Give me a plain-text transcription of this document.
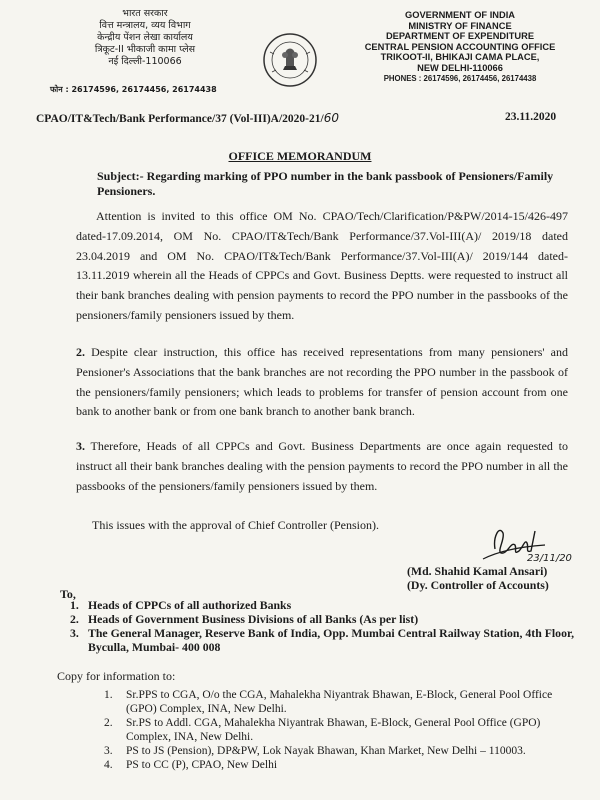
भारत सरकार
वित्त मन्त्रालय, व्यय विभाग
केन्द्रीय पेंशन लेखा कार्यालय
त्रिकूट-II भीकाजी कामा प्लेस
नई दिल्ली-110066
फोन : 26174596, 26174456, 26174438
GOVERNMENT OF INDIA
MINISTRY OF FINANCE
DEPARTMENT OF EXPENDITURE
CENTRAL PENSION ACCOUNTING OFFICE
TRIKOOT-II, BHIKAJI CAMA PLACE,
NEW DELHI-110066
PHONES : 26174596, 26174456, 26174438
CPAO/IT&Tech/Bank Performance/37 (Vol-III)A/2020-21/60	23.11.2020
OFFICE MEMORANDUM
Subject:- Regarding marking of PPO number in the bank passbook of Pensioners/Family Pensioners.

Attention is invited to this office OM No. CPAO/Tech/Clarification/P&PW/2014-15/426-497 dated-17.09.2014, OM No. CPAO/IT&Tech/Bank Performance/37.Vol-III(A)/ 2019/18 dated 23.04.2019 and OM No. CPAO/IT&Tech/Bank Performance/37.Vol-III(A)/ 2019/144 dated-13.11.2019 wherein all the Heads of CPPCs and Govt. Business Deptts. were requested to instruct all their bank branches dealing with pension payments to record the PPO number in the passbooks of the pensioners/family pensioners issued by them.

2. Despite clear instruction, this office has received representations from many pensioners' and Pensioner's Associations that the bank branches are not recording the PPO number in the passbook of the pensioners/family pensioners; which leads to problems for transfer of pension account from one bank to another bank or from one bank branch to another bank branch.

3. Therefore, Heads of all CPPCs and Govt. Business Departments are once again requested to instruct all their bank branches dealing with the pension payments to record the PPO number in all the passbooks of the pensioners/family pensioners issued by them.

This issues with the approval of Chief Controller (Pension).
23/11/20
(Md. Shahid Kamal Ansari)
(Dy. Controller of Accounts)
To,
1. Heads of CPPCs of all authorized Banks
2. Heads of Government Business Divisions of all Banks (As per list)
3. The General Manager, Reserve Bank of India, Opp. Mumbai Central Railway Station, 4th Floor, Byculla, Mumbai- 400 008
Copy for information to:
1. Sr.PPS to CGA, O/o the CGA, Mahalekha Niyantrak Bhawan, E-Block, General Pool Office (GPO) Complex, INA, New Delhi.
2. Sr.PS to Addl. CGA, Mahalekha Niyantrak Bhawan, E-Block, General Pool Office (GPO) Complex, INA, New Delhi.
3. PS to JS (Pension), DP&PW, Lok Nayak Bhawan, Khan Market, New Delhi – 110003.
4. PS to CC (P), CPAO, New Delhi
